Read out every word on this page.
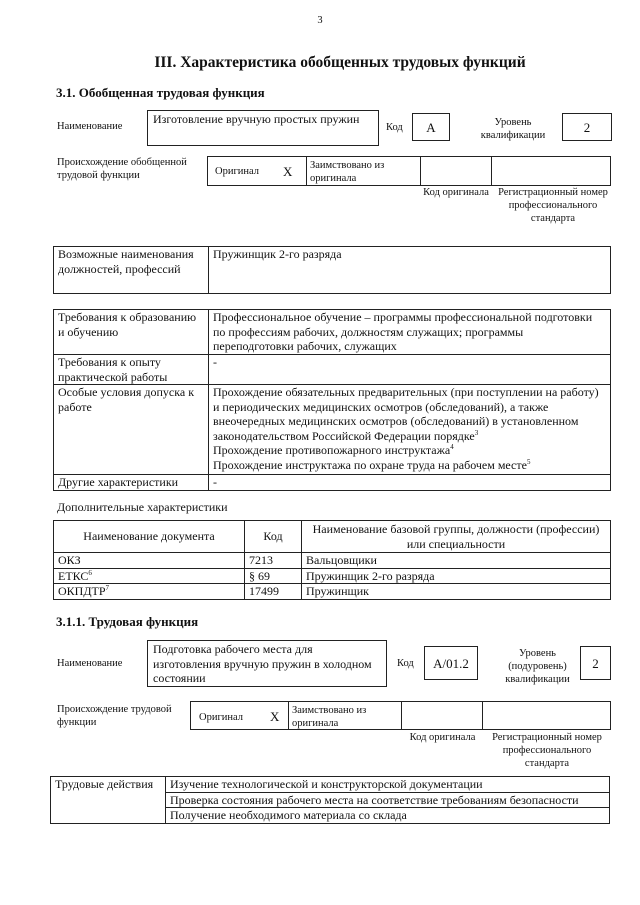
3
III. Характеристика обобщенных трудовых функций
3.1. Обобщенная трудовая функция
Наименование
Изготовление вручную простых пружин
Код	А	Уровень квалификации
2
Происхождение обобщенной трудовой функции	Оригинал X Заимствовано из оригинала
Код оригинала Регистрационный номер профессионального стандарта
Возможные наименования должностей, профессий	Пружинщик 2-го разряда
Требования к образованию и обучению	Профессиональное обучение – программы профессиональной подготовки по профессиям рабочих, должностям служащих; программы переподготовки рабочих, служащих
Требования к опыту практической работы	-
Особые условия допуска к работе	Прохождение обязательных предварительных (при поступлении на работу) и периодических медицинских осмотров (обследований), а также внеочередных медицинских осмотров (обследований) в установленном законодательством Российской Федерации порядке$^3$
Прохождение противопожарного инструктажа$^4$
Прохождение инструктажа по охране труда на рабочем месте$^5$

Другие характеристики	-
Дополнительные характеристики
Наименование документа	Код	Наименование базовой группы, должности (профессии) или специальности
ОКЗ	7213	Вальцовщики
ЕТКС$^6$	§ 69	Пружинщик 2-го разряда
ОКПДТР$^7$	17499	Пружинщик
3.1.1. Трудовая функция
Наименование
Подготовка рабочего места для изготовления вручную пружин в холодном состоянии
Код	А/01.2
Уровень (подуровень) квалификации
2
Происхождение трудовой функции	Оригинал X Заимствовано из оригинала
Код оригинала	Регистрационный номер профессионального стандарта
Трудовые действия	Изучение технологической и конструкторской документации
Проверка состояния рабочего места на соответствие требованиям безопасности
Получение необходимого материала со склада
